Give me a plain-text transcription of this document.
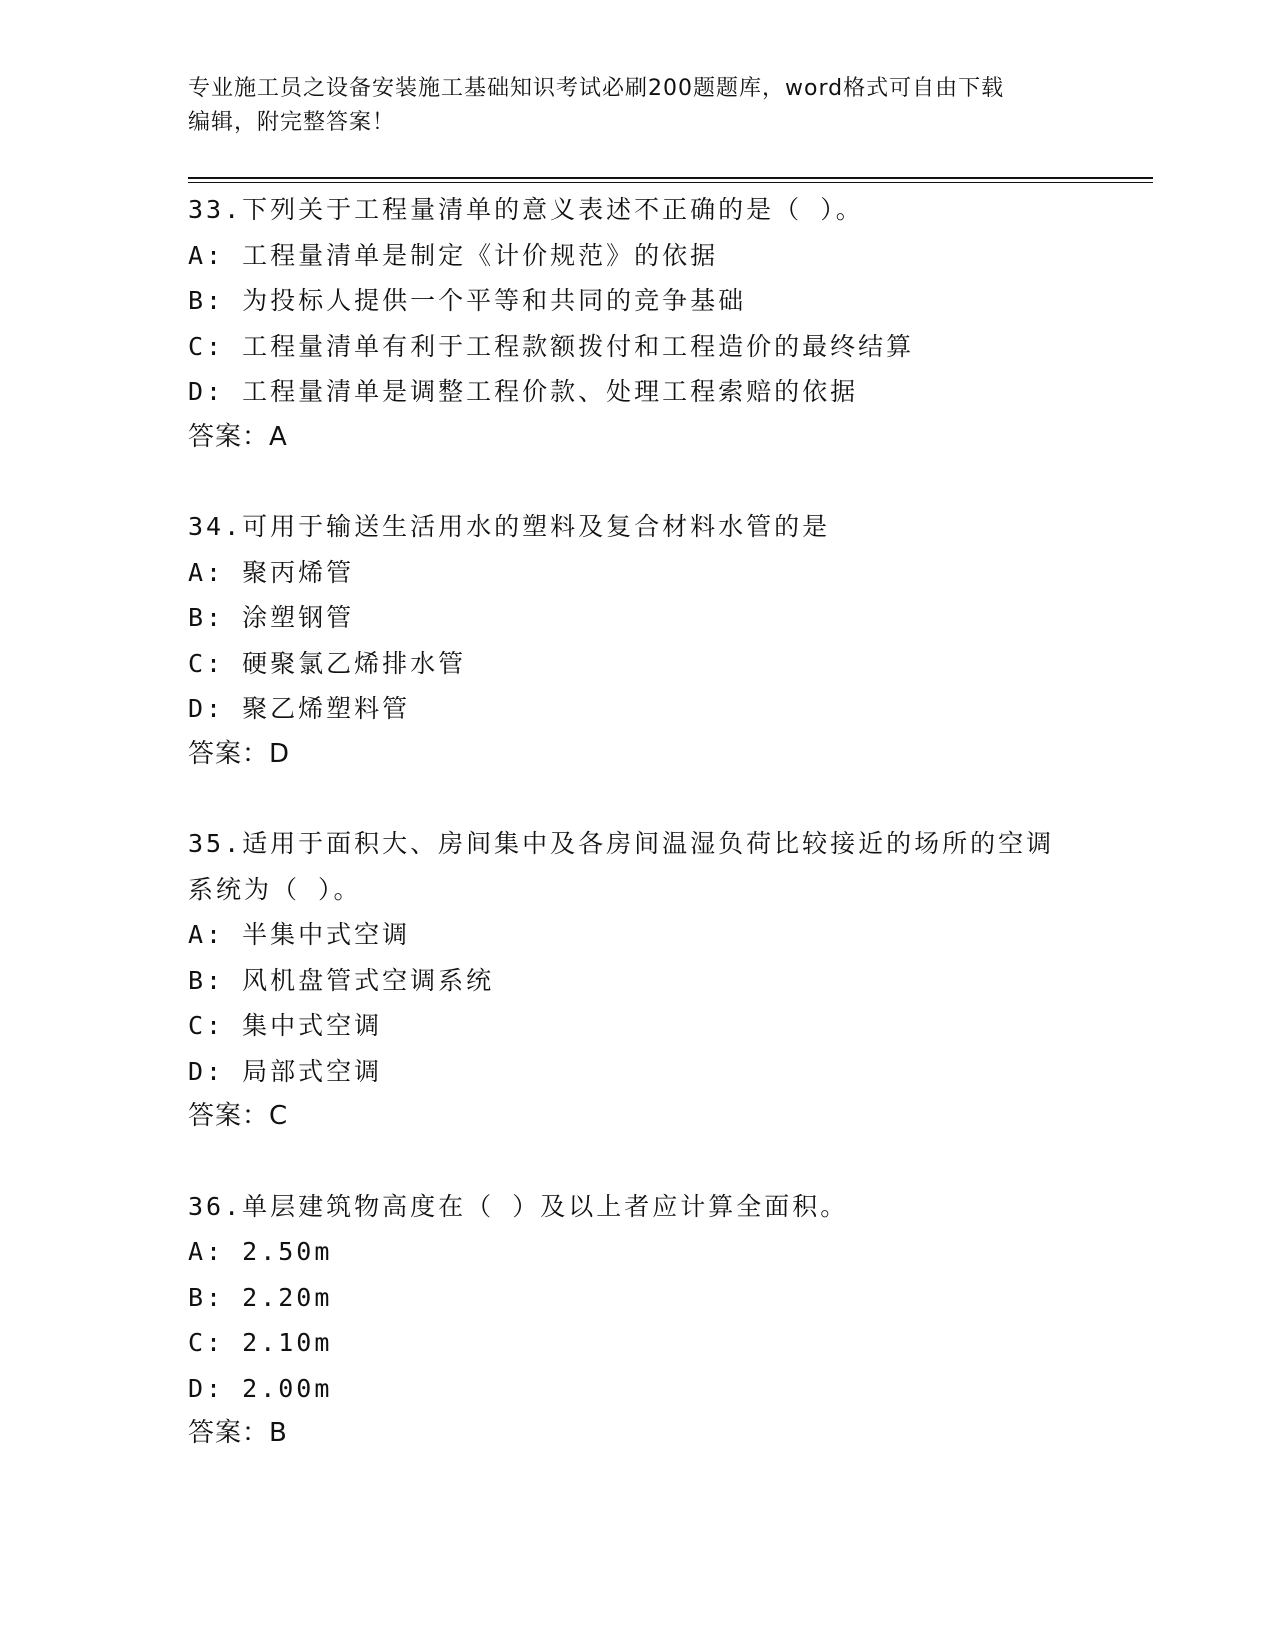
专业施工员之设备安装施工基础知识考试必刷200题题库，word格式可自由下载
编辑，附完整答案！
33.下列关于工程量清单的意义表述不正确的是（ ）。
A: 工程量清单是制定《计价规范》的依据
B: 为投标人提供一个平等和共同的竞争基础
C: 工程量清单有利于工程款额拨付和工程造价的最终结算
D: 工程量清单是调整工程价款、处理工程索赔的依据
答案：A
34.可用于输送生活用水的塑料及复合材料水管的是
A: 聚丙烯管
B: 涂塑钢管
C: 硬聚氯乙烯排水管
D: 聚乙烯塑料管
答案：D
35.适用于面积大、房间集中及各房间温湿负荷比较接近的场所的空调
系统为（ ）。
A: 半集中式空调
B: 风机盘管式空调系统
C: 集中式空调
D: 局部式空调
答案：C
36.单层建筑物高度在（ ）及以上者应计算全面积。
A: 2.50m
B: 2.20m
C: 2.10m
D: 2.00m
答案：B
